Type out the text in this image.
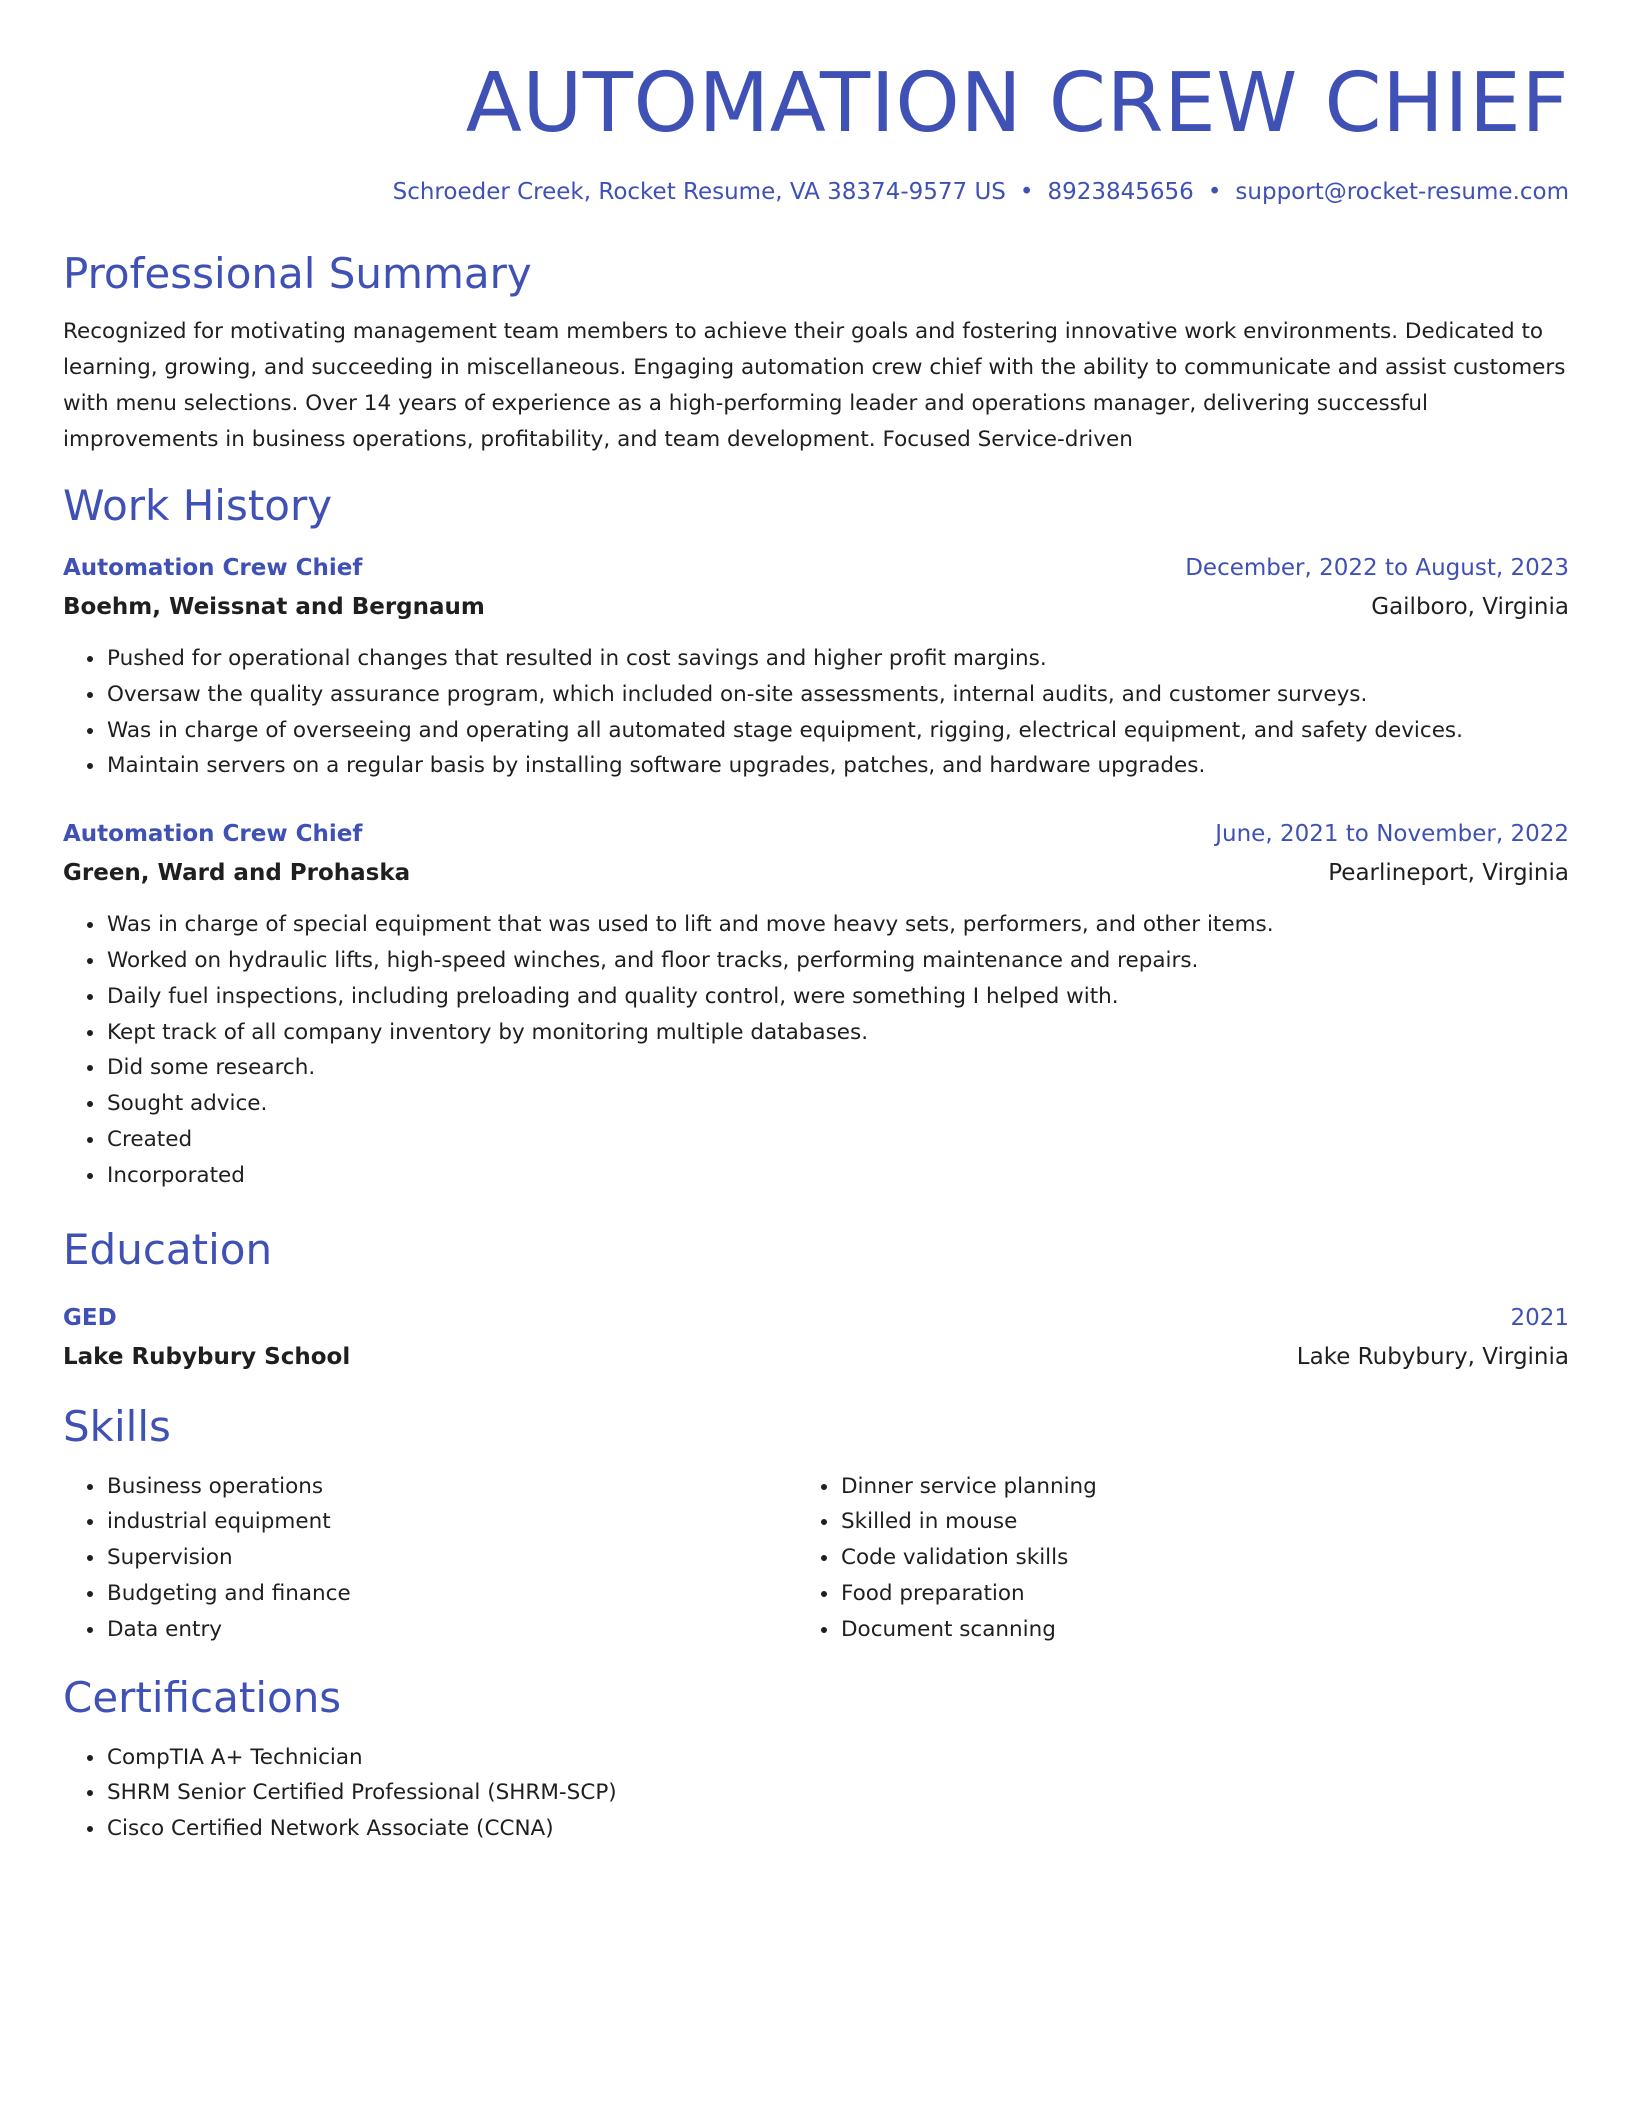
AUTOMATION CREW CHIEF
Schroeder Creek, Rocket Resume, VA 38374-9577 US • 8923845656 • support@rocket-resume.com
Professional Summary

Recognized for motivating management team members to achieve their goals and fostering innovative work environments. Dedicated to learning, growing, and succeeding in miscellaneous. Engaging automation crew chief with the ability to communicate and assist customers with menu selections. Over 14 years of experience as a high-performing leader and operations manager, delivering successful improvements in business operations, profitability, and team development. Focused Service-driven

Work History
Automation Crew Chief	December, 2022 to August, 2023
Boehm, Weissnat and Bergnaum	Gailboro, Virginia
• Pushed for operational changes that resulted in cost savings and higher profit margins.
• Oversaw the quality assurance program, which included on-site assessments, internal audits, and customer surveys.
• Was in charge of overseeing and operating all automated stage equipment, rigging, electrical equipment, and safety devices.
• Maintain servers on a regular basis by installing software upgrades, patches, and hardware upgrades.
Automation Crew Chief	June, 2021 to November, 2022
Green, Ward and Prohaska	Pearlineport, Virginia
• Was in charge of special equipment that was used to lift and move heavy sets, performers, and other items.
• Worked on hydraulic lifts, high-speed winches, and floor tracks, performing maintenance and repairs.
• Daily fuel inspections, including preloading and quality control, were something I helped with.
• Kept track of all company inventory by monitoring multiple databases.
• Did some research.
• Sought advice.
• Created
• Incorporated
Education
GED	2021
Lake Rubybury School	Lake Rubybury, Virginia
Skills
• Business operations
• industrial equipment
• Supervision
• Budgeting and finance
• Data entry
• Dinner service planning
• Skilled in mouse
• Code validation skills
• Food preparation
• Document scanning
Certifications
• CompTIA A+ Technician
• SHRM Senior Certified Professional (SHRM-SCP)
• Cisco Certified Network Associate (CCNA)
